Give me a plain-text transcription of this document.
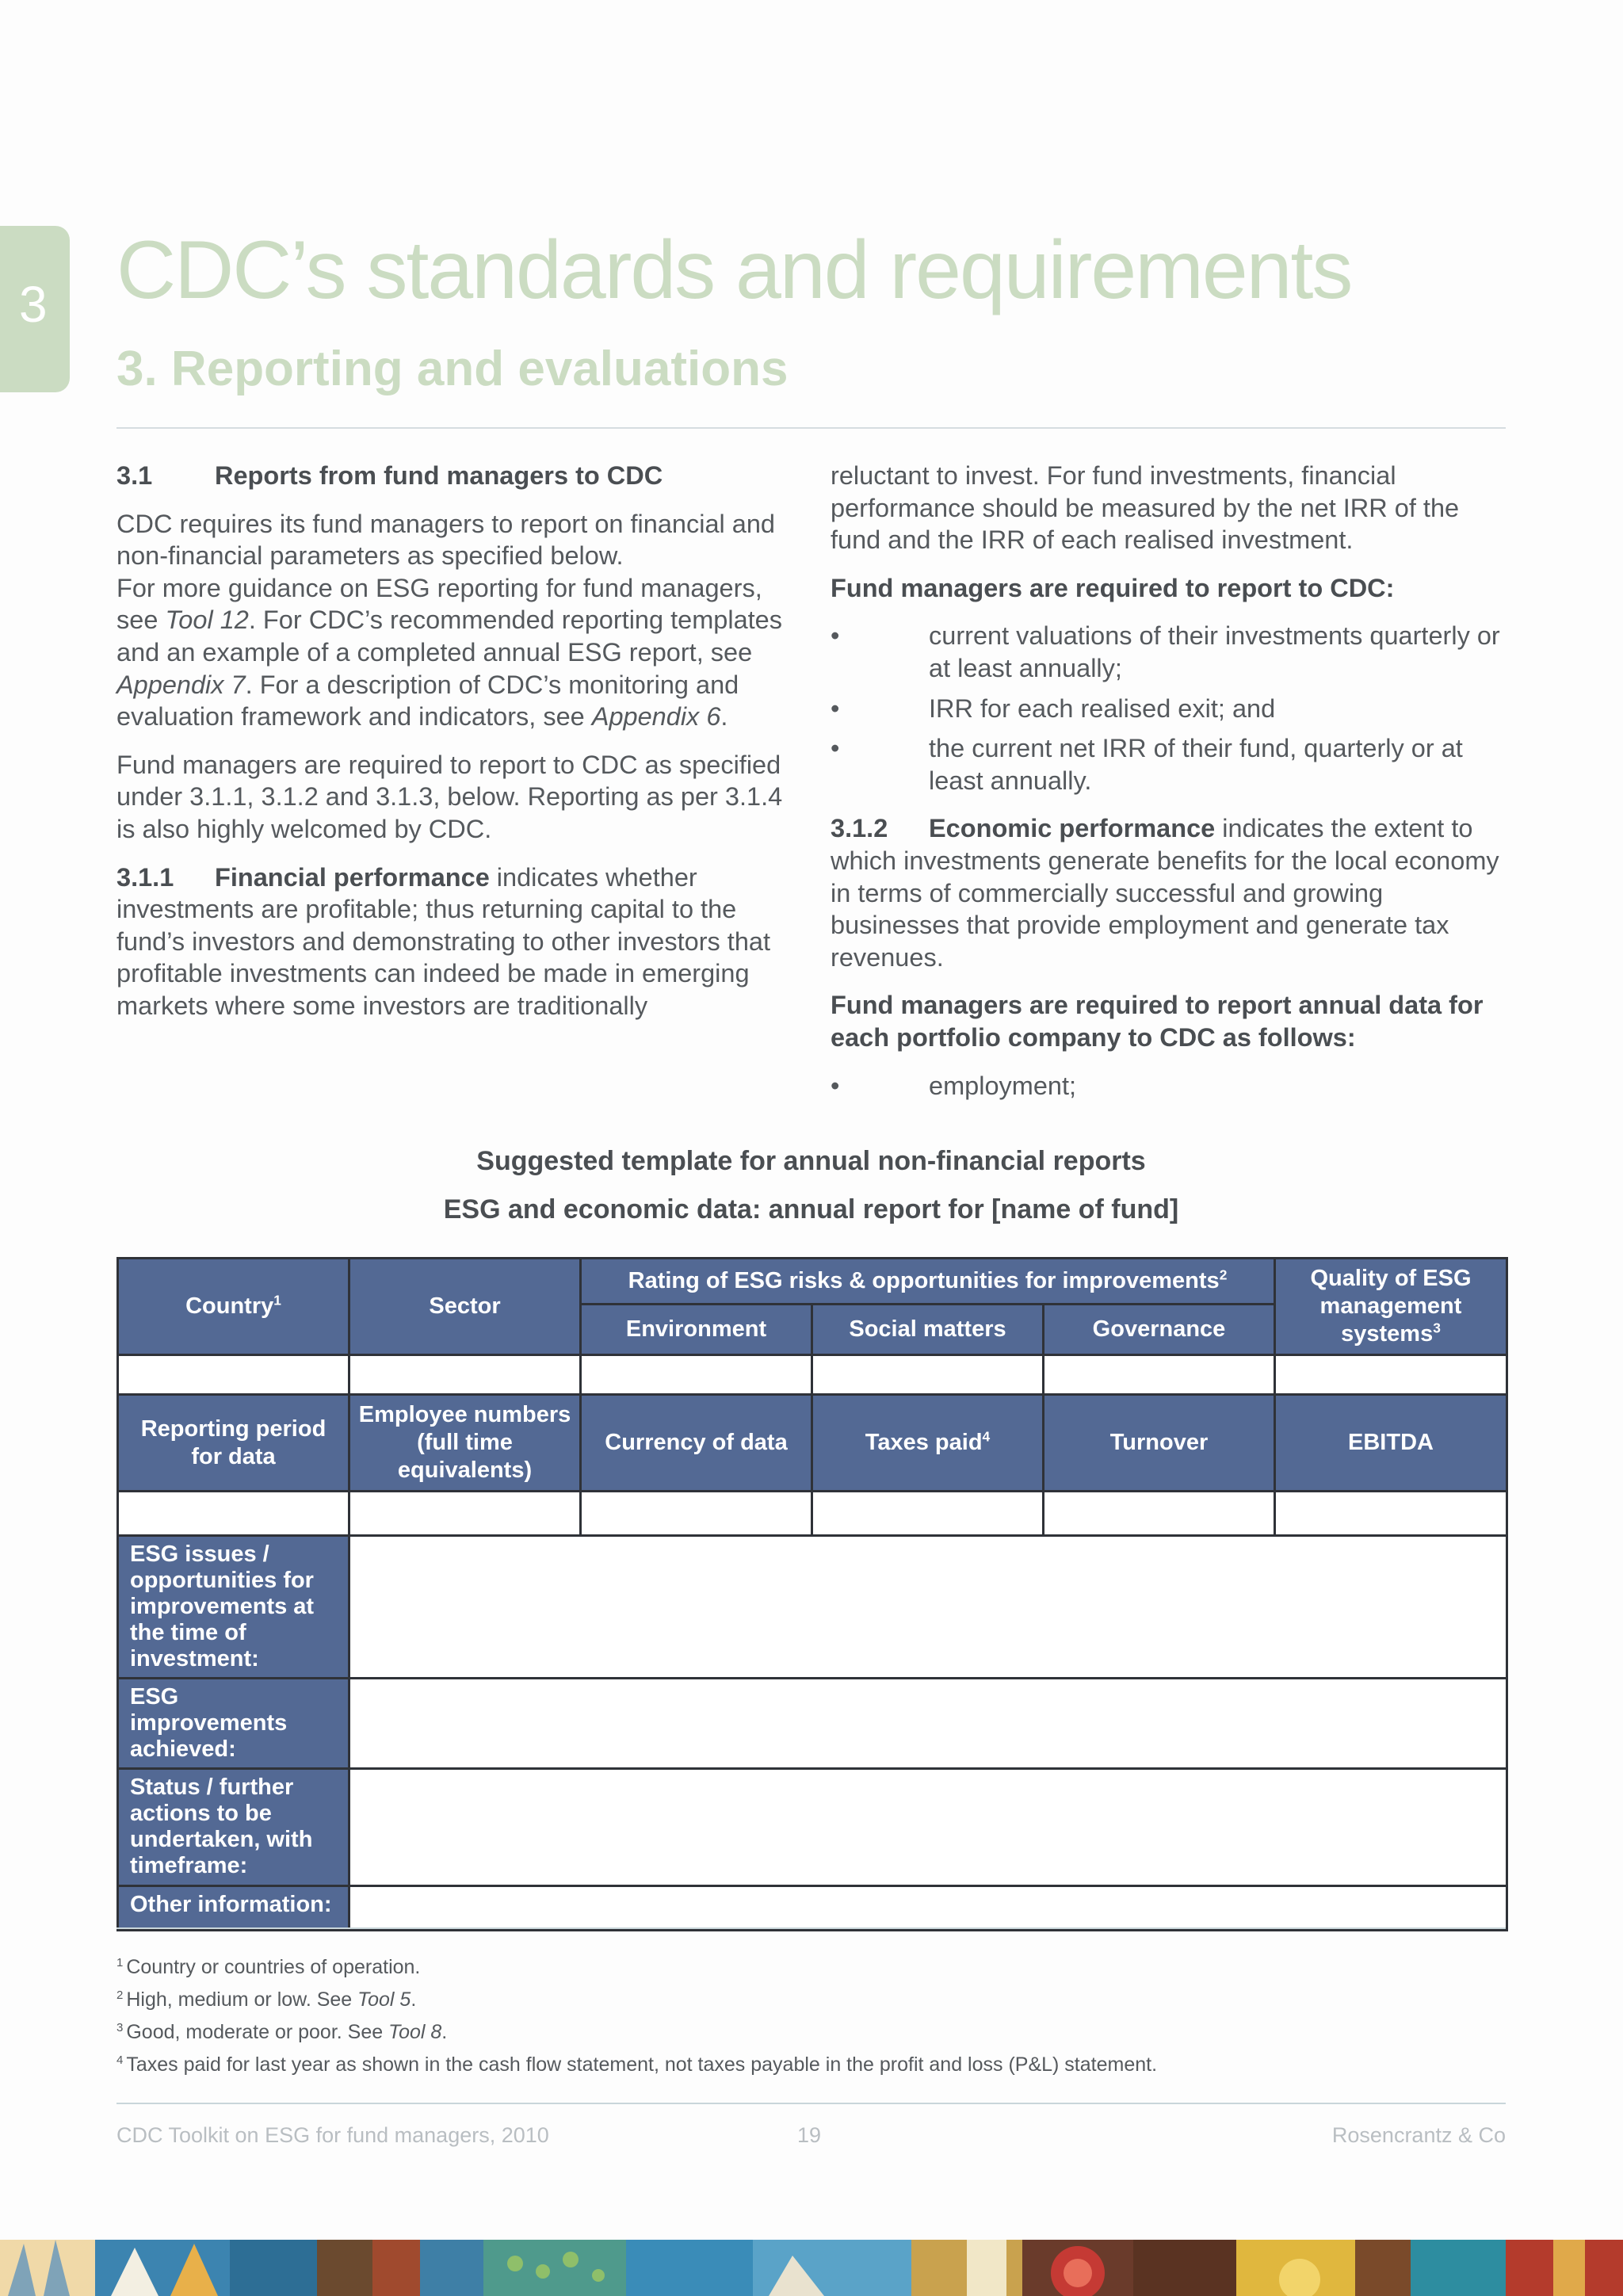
3 CDC’s standards and requirements
3. Reporting and evaluations

3.1 Reports from fund managers to CDC

CDC requires its fund managers to report on financial and non-financial parameters as specified below.

For more guidance on ESG reporting for fund managers, see Tool 12. For CDC’s recommended reporting templates and an example of a completed annual ESG report, see Appendix 7. For a description of CDC’s monitoring and evaluation framework and indicators, see Appendix 6.

Fund managers are required to report to CDC as specified under 3.1.1, 3.1.2 and 3.1.3, below. Reporting as per 3.1.4 is also highly welcomed by CDC.

3.1.1 Financial performance indicates whether investments are profitable; thus returning capital to the fund’s investors and demonstrating to other investors that profitable investments can indeed be made in emerging markets where some investors are traditionally

reluctant to invest. For fund investments, financial performance should be measured by the net IRR of the fund and the IRR of each realised investment.

Fund managers are required to report to CDC:

•	current valuations of their investments quarterly or at least annually;
•	IRR for each realised exit; and
•	the current net IRR of their fund, quarterly or at least annually.

3.1.2 Economic performance indicates the extent to which investments generate benefits for the local economy in terms of commercially successful and growing businesses that provide employment and generate tax revenues.

Fund managers are required to report annual data for each portfolio company to CDC as follows:

•	employment;
Suggested template for annual non-financial reports
ESG and economic data: annual report for [name of fund]
Country$^1$	Sector	Rating of ESG risks & opportunities for improvements$^2$			Quality of ESG management systems$^3$
		Environment	Social matters	Governance	

Reporting period for data	Employee numbers (full time equivalents)	Currency of data	Taxes paid$^4$	Turnover	EBITDA

ESG issues / opportunities for improvements at the time of investment:					
ESG improvements achieved:					
Status / further actions to be undertaken, with timeframe:					
Other information:					
$^1$ Country or countries of operation.
$^2$ High, medium or low. See Tool 5.
$^3$ Good, moderate or poor. See Tool 8.
$^4$ Taxes paid for last year as shown in the cash flow statement, not taxes payable in the profit and loss (P&L) statement.
CDC Toolkit on ESG for fund managers, 2010	19	Rosencrantz & Co
